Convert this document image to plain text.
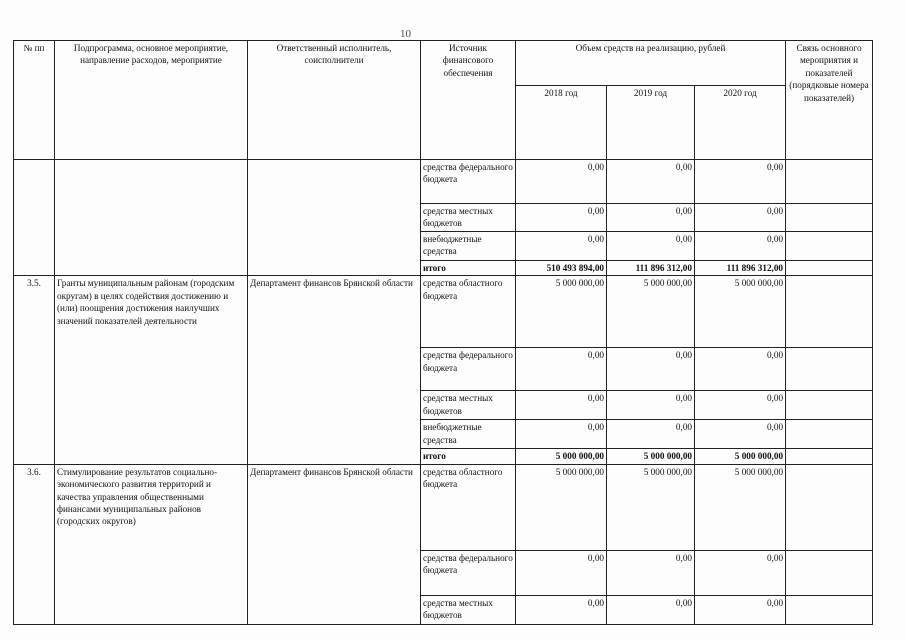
10
№ пп	Подпрограмма, основное мероприятие, направление расходов, мероприятие	Ответственный исполнитель, соисполнители	Источник финансового обеспечения	Объем средств на реализацию, рублей			Связь основного мероприятия и показателей (порядковые номера показателей)
				2018 год	2019 год	2020 год	
			средства федерального бюджета	0,00	0,00	0,00	
			средства местных бюджетов	0,00	0,00	0,00	
			внебюджетные средства	0,00	0,00	0,00	
			итого	510 493 894,00	111 896 312,00	111 896 312,00	
3.5.	Гранты муниципальным районам (городским округам) в целях содействия достижению и (или) поощрения достижения наилучших значений показателей деятельности	Департамент финансов Брянской области	средства областного бюджета	5 000 000,00	5 000 000,00	5 000 000,00	
			средства федерального бюджета	0,00	0,00	0,00	
			средства местных бюджетов	0,00	0,00	0,00	
			внебюджетные средства	0,00	0,00	0,00	
			итого	5 000 000,00	5 000 000,00	5 000 000,00	
3.6.	Стимулирование результатов социально-экономического развития территорий и качества управления общественными финансами муниципальных районов (городских округов)	Департамент финансов Брянской области	средства областного бюджета	5 000 000,00	5 000 000,00	5 000 000,00	
			средства федерального бюджета	0,00	0,00	0,00	
			средства местных бюджетов	0,00	0,00	0,00	
